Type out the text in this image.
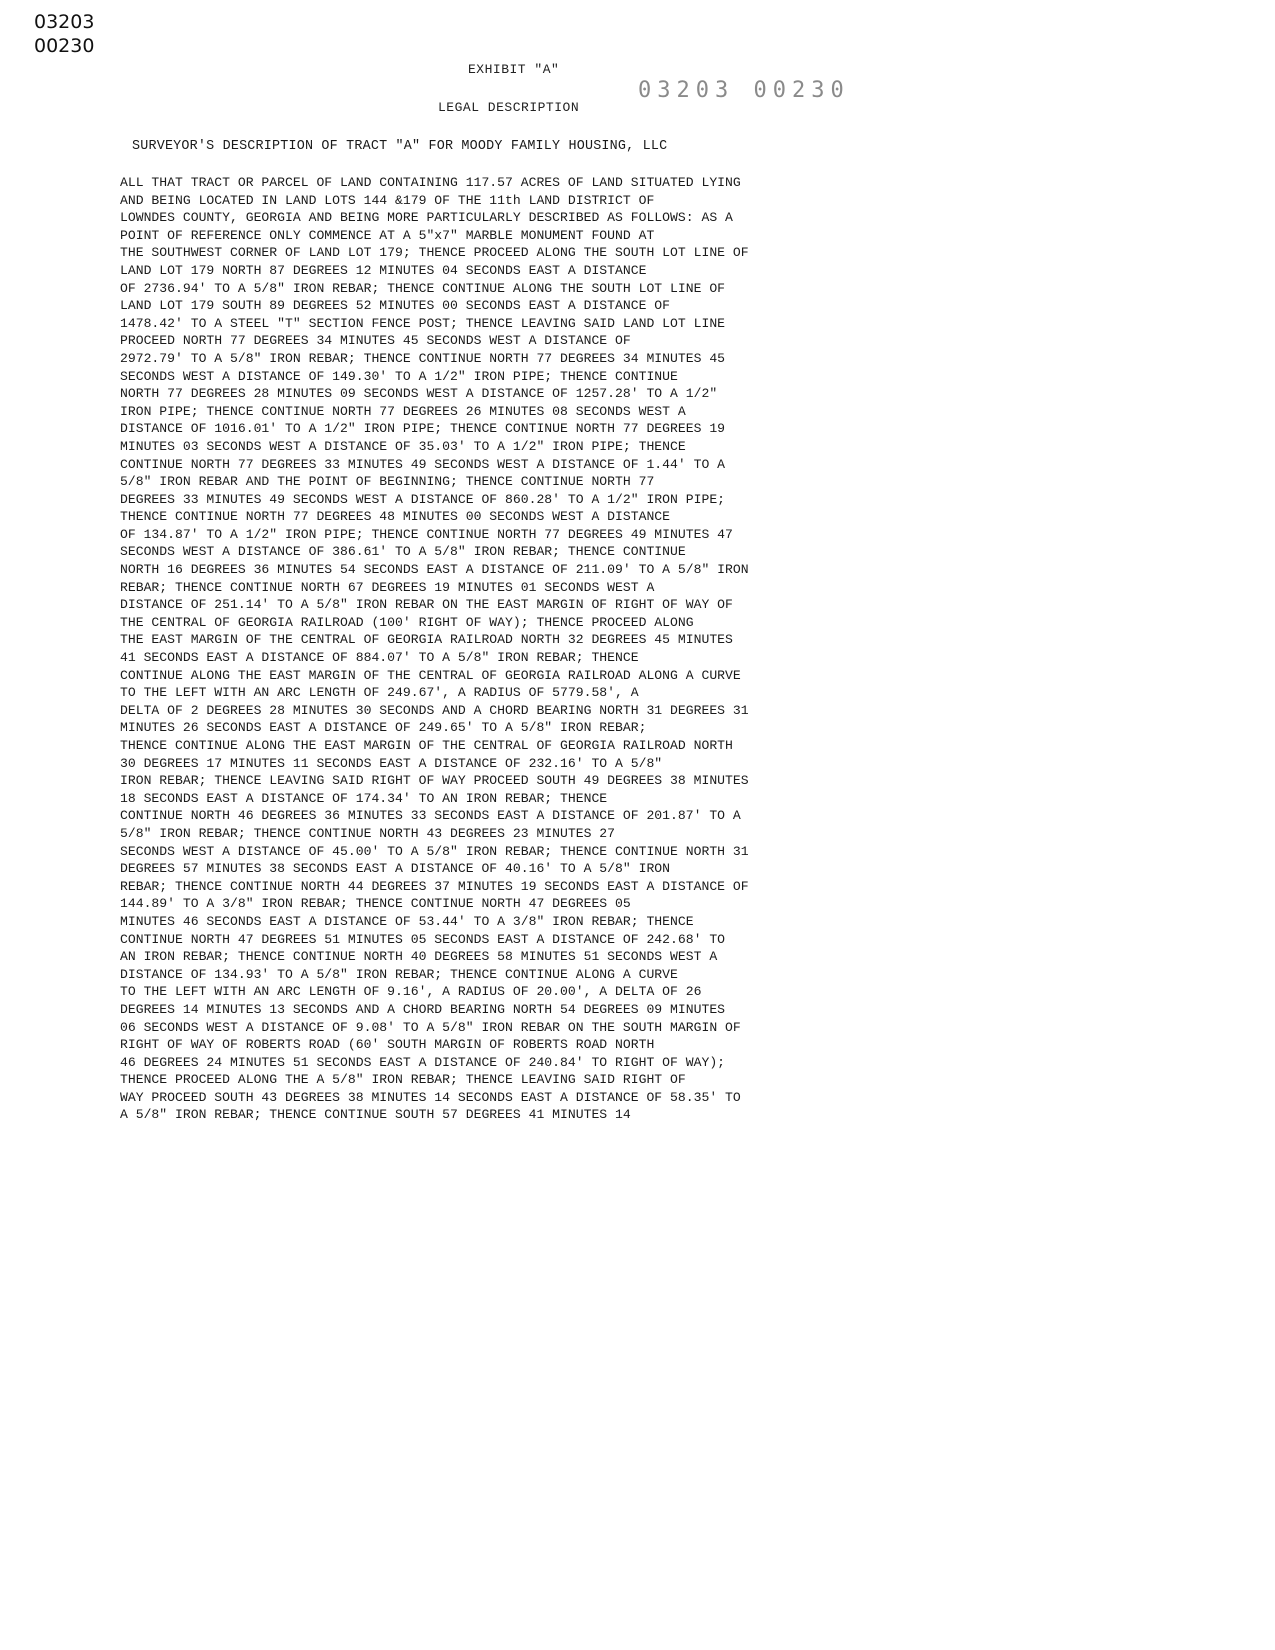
03203
00230
EXHIBIT "A"
03203 00230
LEGAL DESCRIPTION
SURVEYOR'S DESCRIPTION OF TRACT "A" FOR MOODY FAMILY HOUSING, LLC
ALL THAT TRACT OR PARCEL OF LAND CONTAINING 117.57 ACRES OF LAND SITUATED LYING
AND BEING LOCATED IN LAND LOTS 144 &179 OF THE 11th LAND DISTRICT OF
LOWNDES COUNTY, GEORGIA AND BEING MORE PARTICULARLY DESCRIBED AS FOLLOWS: AS A
POINT OF REFERENCE ONLY COMMENCE AT A 5"x7" MARBLE MONUMENT FOUND AT
THE SOUTHWEST CORNER OF LAND LOT 179; THENCE PROCEED ALONG THE SOUTH LOT LINE OF
LAND LOT 179 NORTH 87 DEGREES 12 MINUTES 04 SECONDS EAST A DISTANCE
OF 2736.94' TO A 5/8" IRON REBAR; THENCE CONTINUE ALONG THE SOUTH LOT LINE OF
LAND LOT 179 SOUTH 89 DEGREES 52 MINUTES 00 SECONDS EAST A DISTANCE OF
1478.42' TO A STEEL "T" SECTION FENCE POST; THENCE LEAVING SAID LAND LOT LINE
PROCEED NORTH 77 DEGREES 34 MINUTES 45 SECONDS WEST A DISTANCE OF
2972.79' TO A 5/8" IRON REBAR; THENCE CONTINUE NORTH 77 DEGREES 34 MINUTES 45
SECONDS WEST A DISTANCE OF 149.30' TO A 1/2" IRON PIPE; THENCE CONTINUE
NORTH 77 DEGREES 28 MINUTES 09 SECONDS WEST A DISTANCE OF 1257.28' TO A 1/2"
IRON PIPE; THENCE CONTINUE NORTH 77 DEGREES 26 MINUTES 08 SECONDS WEST A
DISTANCE OF 1016.01' TO A 1/2" IRON PIPE; THENCE CONTINUE NORTH 77 DEGREES 19
MINUTES 03 SECONDS WEST A DISTANCE OF 35.03' TO A 1/2" IRON PIPE; THENCE
CONTINUE NORTH 77 DEGREES 33 MINUTES 49 SECONDS WEST A DISTANCE OF 1.44' TO A
5/8" IRON REBAR AND THE POINT OF BEGINNING; THENCE CONTINUE NORTH 77
DEGREES 33 MINUTES 49 SECONDS WEST A DISTANCE OF 860.28' TO A 1/2" IRON PIPE;
THENCE CONTINUE NORTH 77 DEGREES 48 MINUTES 00 SECONDS WEST A DISTANCE
OF 134.87' TO A 1/2" IRON PIPE; THENCE CONTINUE NORTH 77 DEGREES 49 MINUTES 47
SECONDS WEST A DISTANCE OF 386.61' TO A 5/8" IRON REBAR; THENCE CONTINUE
NORTH 16 DEGREES 36 MINUTES 54 SECONDS EAST A DISTANCE OF 211.09' TO A 5/8" IRON
REBAR; THENCE CONTINUE NORTH 67 DEGREES 19 MINUTES 01 SECONDS WEST A
DISTANCE OF 251.14' TO A 5/8" IRON REBAR ON THE EAST MARGIN OF RIGHT OF WAY OF
THE CENTRAL OF GEORGIA RAILROAD (100' RIGHT OF WAY); THENCE PROCEED ALONG
THE EAST MARGIN OF THE CENTRAL OF GEORGIA RAILROAD NORTH 32 DEGREES 45 MINUTES
41 SECONDS EAST A DISTANCE OF 884.07' TO A 5/8" IRON REBAR; THENCE
CONTINUE ALONG THE EAST MARGIN OF THE CENTRAL OF GEORGIA RAILROAD ALONG A CURVE
TO THE LEFT WITH AN ARC LENGTH OF 249.67', A RADIUS OF 5779.58', A
DELTA OF 2 DEGREES 28 MINUTES 30 SECONDS AND A CHORD BEARING NORTH 31 DEGREES 31
MINUTES 26 SECONDS EAST A DISTANCE OF 249.65' TO A 5/8" IRON REBAR;
THENCE CONTINUE ALONG THE EAST MARGIN OF THE CENTRAL OF GEORGIA RAILROAD NORTH
30 DEGREES 17 MINUTES 11 SECONDS EAST A DISTANCE OF 232.16' TO A 5/8"
IRON REBAR; THENCE LEAVING SAID RIGHT OF WAY PROCEED SOUTH 49 DEGREES 38 MINUTES
18 SECONDS EAST A DISTANCE OF 174.34' TO AN IRON REBAR; THENCE
CONTINUE NORTH 46 DEGREES 36 MINUTES 33 SECONDS EAST A DISTANCE OF 201.87' TO A
5/8" IRON REBAR; THENCE CONTINUE NORTH 43 DEGREES 23 MINUTES 27
SECONDS WEST A DISTANCE OF 45.00' TO A 5/8" IRON REBAR; THENCE CONTINUE NORTH 31
DEGREES 57 MINUTES 38 SECONDS EAST A DISTANCE OF 40.16' TO A 5/8" IRON
REBAR; THENCE CONTINUE NORTH 44 DEGREES 37 MINUTES 19 SECONDS EAST A DISTANCE OF
144.89' TO A 3/8" IRON REBAR; THENCE CONTINUE NORTH 47 DEGREES 05
MINUTES 46 SECONDS EAST A DISTANCE OF 53.44' TO A 3/8" IRON REBAR; THENCE
CONTINUE NORTH 47 DEGREES 51 MINUTES 05 SECONDS EAST A DISTANCE OF 242.68' TO
AN IRON REBAR; THENCE CONTINUE NORTH 40 DEGREES 58 MINUTES 51 SECONDS WEST A
DISTANCE OF 134.93' TO A 5/8" IRON REBAR; THENCE CONTINUE ALONG A CURVE
TO THE LEFT WITH AN ARC LENGTH OF 9.16', A RADIUS OF 20.00', A DELTA OF 26
DEGREES 14 MINUTES 13 SECONDS AND A CHORD BEARING NORTH 54 DEGREES 09 MINUTES
06 SECONDS WEST A DISTANCE OF 9.08' TO A 5/8" IRON REBAR ON THE SOUTH MARGIN OF
RIGHT OF WAY OF ROBERTS ROAD (60' SOUTH MARGIN OF ROBERTS ROAD NORTH
46 DEGREES 24 MINUTES 51 SECONDS EAST A DISTANCE OF 240.84' TO RIGHT OF WAY);
THENCE PROCEED ALONG THE A 5/8" IRON REBAR; THENCE LEAVING SAID RIGHT OF
WAY PROCEED SOUTH 43 DEGREES 38 MINUTES 14 SECONDS EAST A DISTANCE OF 58.35' TO
A 5/8" IRON REBAR; THENCE CONTINUE SOUTH 57 DEGREES 41 MINUTES 14
